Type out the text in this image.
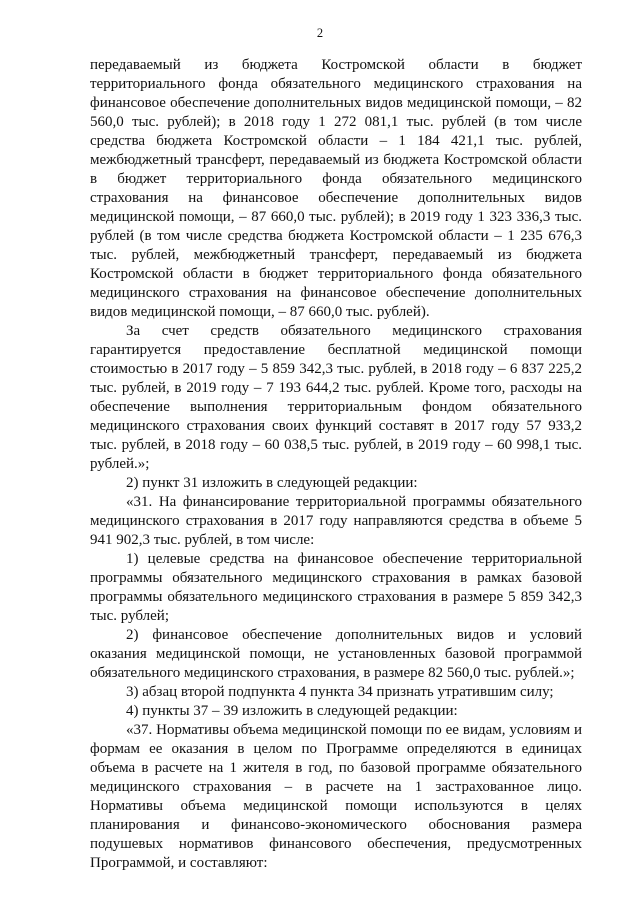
2

передаваемый из бюджета Костромской области в бюджет территориального фонда обязательного медицинского страхования на финансовое обеспечение дополнительных видов медицинской помощи, – 82 560,0 тыс. рублей); в 2018 году 1 272 081,1 тыс. рублей (в том числе средства бюджета Костромской области – 1 184 421,1 тыс. рублей, межбюджетный трансферт, передаваемый из бюджета Костромской области в бюджет территориального фонда обязательного медицинского страхования на финансовое обеспечение дополнительных видов медицинской помощи, – 87 660,0 тыс. рублей); в 2019 году 1 323 336,3 тыс. рублей (в том числе средства бюджета Костромской области – 1 235 676,3 тыс. рублей, межбюджетный трансферт, передаваемый из бюджета Костромской области в бюджет территориального фонда обязательного медицинского страхования на финансовое обеспечение дополнительных видов медицинской помощи, – 87 660,0 тыс. рублей).

За счет средств обязательного медицинского страхования гарантируется предоставление бесплатной медицинской помощи стоимостью в 2017 году – 5 859 342,3 тыс. рублей, в 2018 году – 6 837 225,2 тыс. рублей, в 2019 году – 7 193 644,2 тыс. рублей. Кроме того, расходы на обеспечение выполнения территориальным фондом обязательного медицинского страхования своих функций составят в 2017 году 57 933,2 тыс. рублей, в 2018 году – 60 038,5 тыс. рублей, в 2019 году – 60 998,1 тыс. рублей.»;

2) пункт 31 изложить в следующей редакции:

«31. На финансирование территориальной программы обязательного медицинского страхования в 2017 году направляются средства в объеме 5 941 902,3 тыс. рублей, в том числе:

1) целевые средства на финансовое обеспечение территориальной программы обязательного медицинского страхования в рамках базовой программы обязательного медицинского страхования в размере 5 859 342,3 тыс. рублей;

2) финансовое обеспечение дополнительных видов и условий оказания медицинской помощи, не установленных базовой программой обязательного медицинского страхования, в размере 82 560,0 тыс. рублей.»;

3) абзац второй подпункта 4 пункта 34 признать утратившим силу;

4) пункты 37 – 39 изложить в следующей редакции:

«37. Нормативы объема медицинской помощи по ее видам, условиям и формам ее оказания в целом по Программе определяются в единицах объема в расчете на 1 жителя в год, по базовой программе обязательного медицинского страхования – в расчете на 1 застрахованное лицо. Нормативы объема медицинской помощи используются в целях планирования и финансово-экономического обоснования размера подушевых нормативов финансового обеспечения, предусмотренных Программой, и составляют:
